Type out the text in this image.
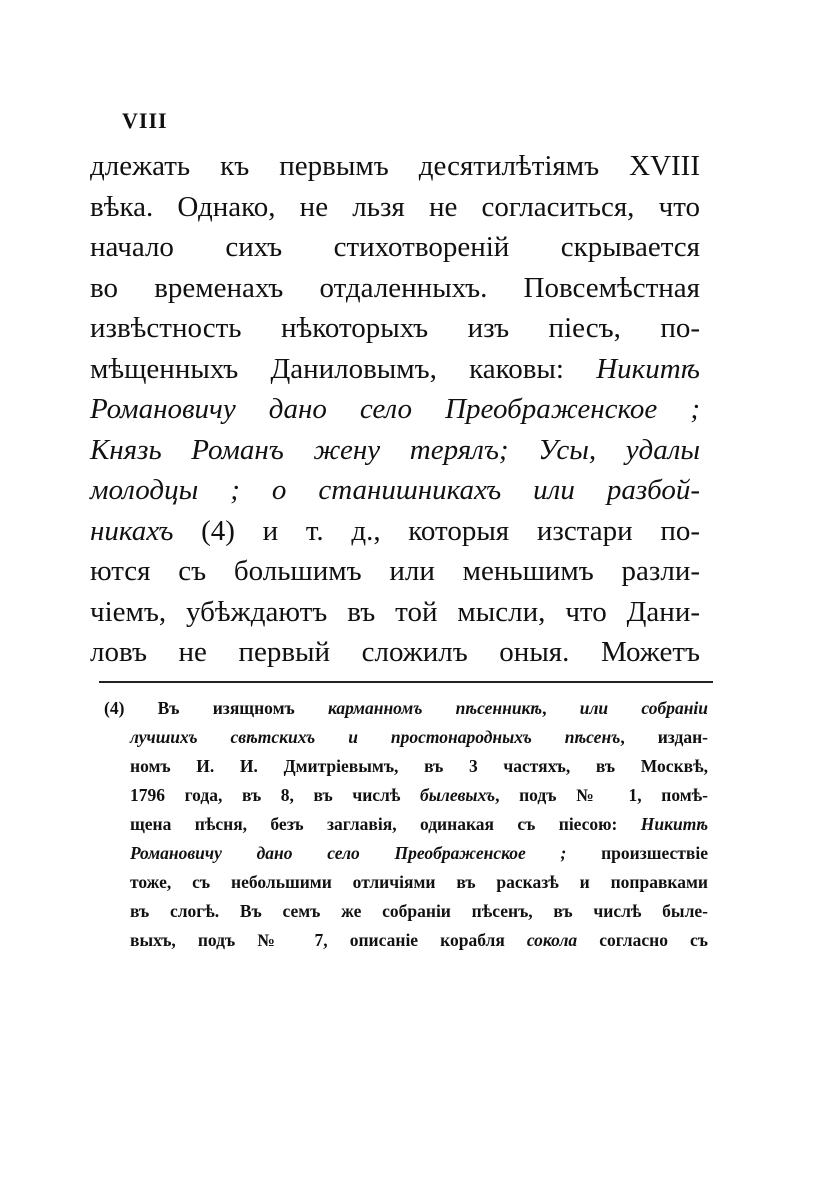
VIII
длежать къ первымъ десятилѣтіямъ XVIII
вѣка. Однако, не льзя не согласиться, что
начало сихъ стихотвореній скрывается
во временахъ отдаленныхъ. Повсемѣстная
извѣстность нѣкоторыхъ изъ піесъ, по-
мѣщенныхъ Даниловымъ, каковы: Никитѣ
Романовичу дано село Преображенское ;
Князь Романъ жену терялъ; Усы, удалы
молодцы ; о станишникахъ или разбой-
никахъ (4) и т. д., которыя изстари по-
ются съ большимъ или меньшимъ разли-
чіемъ, убѣждаютъ въ той мысли, что Дани-
ловъ не первый сложилъ оныя. Можетъ
(4) Въ изящномъ карманномъ пѣсенникѣ, или собраніи
лучшихъ свѣтскихъ и простонародныхъ пѣсенъ, издан-
номъ И. И. Дмитріевымъ, въ 3 частяхъ, въ Москвѣ,
1796 года, въ 8, въ числѣ былевыхъ, подъ № 1, помѣ-
щена пѣсня, безъ заглавія, одинакая съ піесою: Никитѣ
Романовичу дано село Преображенское ; произшествіе
тоже, съ небольшими отличіями въ расказѣ и поправками
въ слогѣ. Въ семъ же собраніи пѣсенъ, въ числѣ быле-
выхъ, подъ № 7, описаніе корабля сокола согласно съ
